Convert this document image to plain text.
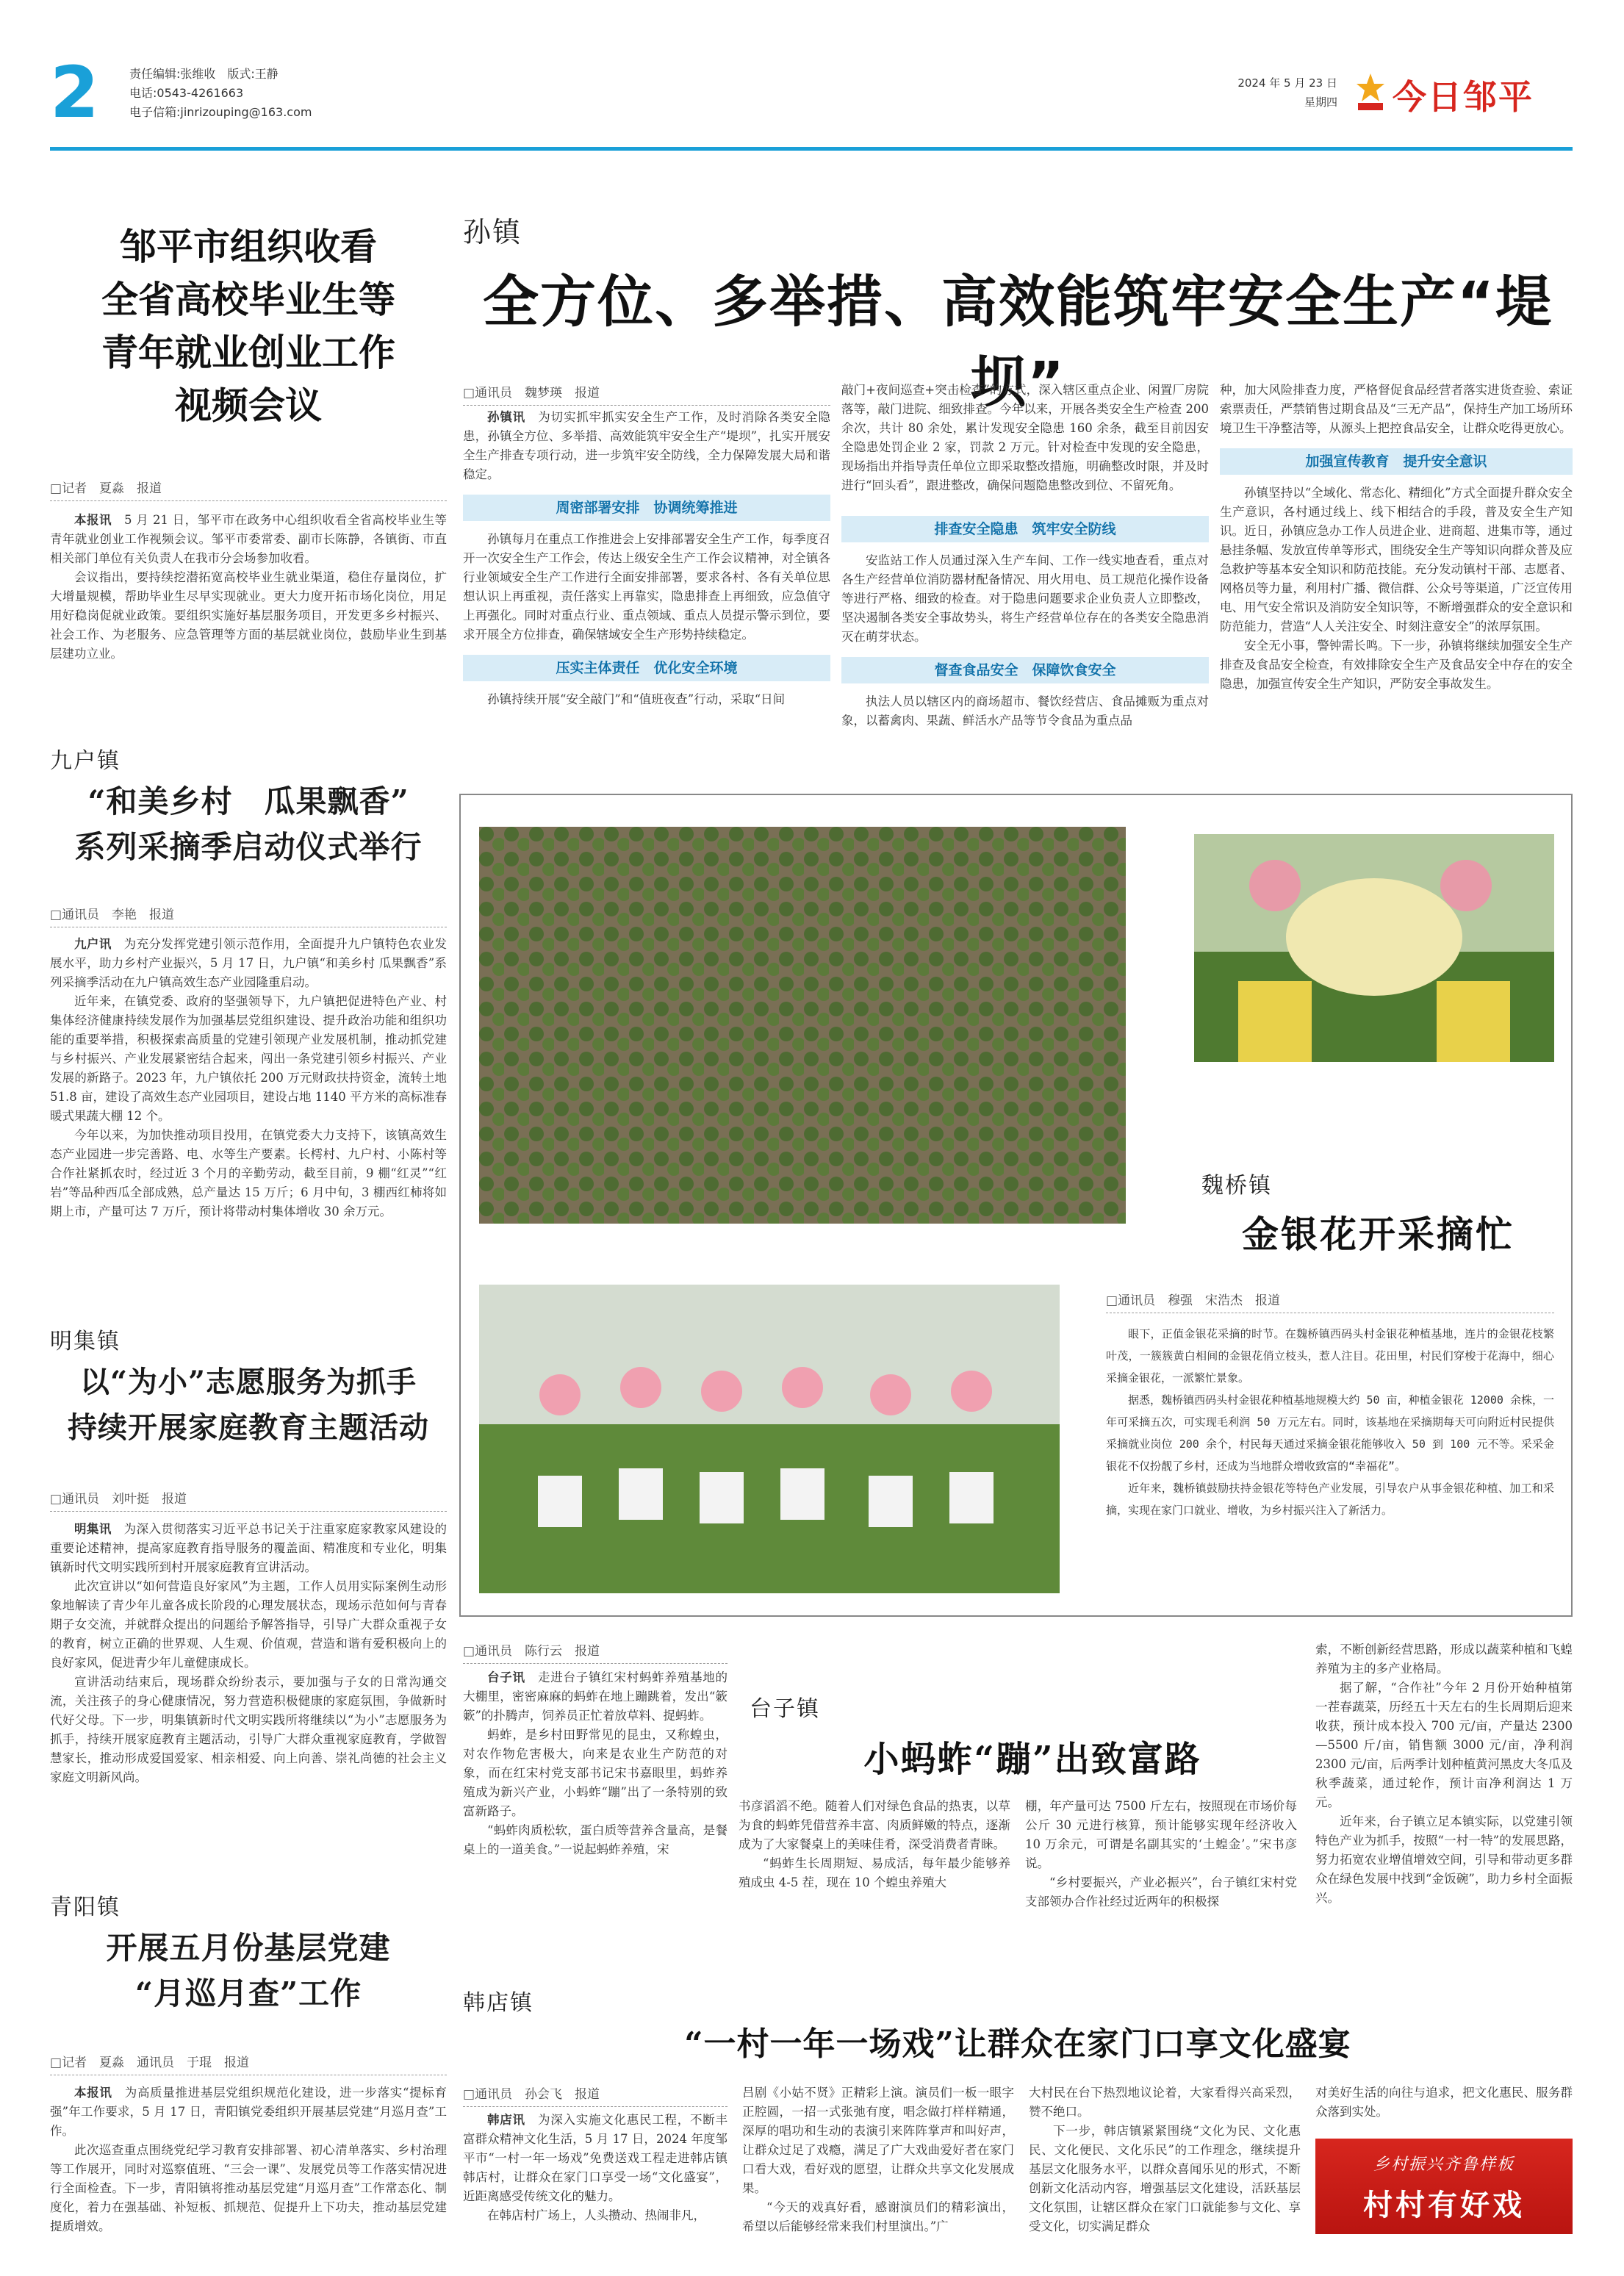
2	责任编辑:张维收　版式:王静
电话:0543-4261663
电子信箱:jinrizouping@163.com
2024 年 5 月 23 日
星期四 今日邹平
邹平市组织收看
全省高校毕业生等
青年就业创业工作
视频会议
□ 记者　夏淼　报道
本报讯　5 月 21 日，邹平市在政务中心组织收看全省高校毕业生等青年就业创业工作视频会议。邹平市委常委、副市长陈静，各镇街、市直相关部门单位有关负责人在我市分会场参加收看。
会议指出，要持续挖潜拓宽高校毕业生就业渠道，稳住存量岗位，扩大增量规模，帮助毕业生尽早实现就业。更大力度开拓市场化岗位，用足用好稳岗促就业政策。要组织实施好基层服务项目，开发更多乡村振兴、社会工作、为老服务、应急管理等方面的基层就业岗位，鼓励毕业生到基层建功立业。
孙镇
全方位、多举措、高效能筑牢安全生产“堤坝”
□ 通讯员　魏梦瑛　报道
孙镇讯　为切实抓牢抓实安全生产工作，及时消除各类安全隐患，孙镇全方位、多举措、高效能筑牢安全生产“堤坝”，扎实开展安全生产排查专项行动，进一步筑牢安全防线，全力保障发展大局和谐稳定。
周密部署安排　协调统筹推进
孙镇每月在重点工作推进会上安排部署安全生产工作，每季度召开一次安全生产工作会，传达上级安全生产工作会议精神，对全镇各行业领域安全生产工作进行全面安排部署，要求各村、各有关单位思想认识上再重视，责任落实上再靠实，隐患排查上再细致，应急值守上再强化。同时对重点行业、重点领域、重点人员提示警示到位，要求开展全方位排查，确保辖域安全生产形势持续稳定。
压实主体责任　优化安全环境
孙镇持续开展“安全敲门”和“值班夜查”行动，采取“日间
敲门+夜间巡查+突击检查”的方式，深入辖区重点企业、闲置厂房院落等，敲门进院、细致排查。今年以来，开展各类安全生产检查 200 余次，共计 80 余处，累计发现安全隐患 160 余条，截至目前因安全隐患处罚企业 2 家，罚款 2 万元。针对检查中发现的安全隐患，现场指出并指导责任单位立即采取整改措施，明确整改时限，并及时进行“回头看”，跟进整改，确保问题隐患整改到位、不留死角。
排查安全隐患　筑牢安全防线
安监站工作人员通过深入生产车间、工作一线实地查看，重点对各生产经营单位消防器材配备情况、用火用电、员工规范化操作设备等进行严格、细致的检查。对于隐患问题要求企业负责人立即整改，坚决遏制各类安全事故势头，将生产经营单位存在的各类安全隐患消灭在萌芽状态。
督查食品安全　保障饮食安全
执法人员以辖区内的商场超市、餐饮经营店、食品摊贩为重点对象，以蓄禽肉、果蔬、鲜活水产品等节令食品为重点品
种，加大风险排查力度，严格督促食品经营者落实进货查验、索证索票责任，严禁销售过期食品及“三无产品”，保持生产加工场所环境卫生干净整洁等，从源头上把控食品安全，让群众吃得更放心。
加强宣传教育　提升安全意识
孙镇坚持以“全域化、常态化、精细化”方式全面提升群众安全生产意识，各村通过线上、线下相结合的手段，普及安全生产知识。近日，孙镇应急办工作人员进企业、进商超、进集市等，通过悬挂条幅、发放宣传单等形式，围绕安全生产等知识向群众普及应急救护等基本安全知识和防范技能。充分发动镇村干部、志愿者、网格员等力量，利用村广播、微信群、公众号等渠道，广泛宣传用电、用气安全常识及消防安全知识等，不断增强群众的安全意识和防范能力，营造“人人关注安全、时刻注意安全”的浓厚氛围。
安全无小事，警钟需长鸣。下一步，孙镇将继续加强安全生产排查及食品安全检查，有效排除安全生产及食品安全中存在的安全隐患，加强宣传安全生产知识，严防安全事故发生。
九户镇
“和美乡村　瓜果飘香”
系列采摘季启动仪式举行
□ 通讯员　李艳　报道
九户讯　为充分发挥党建引领示范作用，全面提升九户镇特色农业发展水平，助力乡村产业振兴，5 月 17 日，九户镇“和美乡村 瓜果飘香”系列采摘季活动在九户镇高效生态产业园隆重启动。
近年来，在镇党委、政府的坚强领导下，九户镇把促进特色产业、村集体经济健康持续发展作为加强基层党组织建设、提升政治功能和组织功能的重要举措，积极探索高质量的党建引领现产业发展机制，推动抓党建与乡村振兴、产业发展紧密结合起来，闯出一条党建引领乡村振兴、产业发展的新路子。2023 年，九户镇依托 200 万元财政扶持资金，流转土地 51.8 亩，建设了高效生态产业园项目，建设占地 1140 平方米的高标准春暖式果蔬大棚 12 个。
今年以来，为加快推动项目投用，在镇党委大力支持下，该镇高效生态产业园进一步完善路、电、水等生产要素。长樗村、九户村、小陈村等合作社紧抓农时，经过近 3 个月的辛勤劳动，截至目前，9 棚“红灵”“红岩”等品种西瓜全部成熟，总产量达 15 万斤；6 月中旬，3 棚西红柿将如期上市，产量可达 7 万斤，预计将带动村集体增收 30 余万元。
魏桥镇
金银花开采摘忙
□ 通讯员　穆强　宋浩杰　报道
眼下，正值金银花采摘的时节。在魏桥镇西码头村金银花种植基地，连片的金银花枝繁叶茂，一簇簇黄白相间的金银花俏立枝头，惹人注目。花田里，村民们穿梭于花海中，细心采摘金银花，一派繁忙景象。
据悉，魏桥镇西码头村金银花种植基地规模大约 50 亩，种植金银花 12000 余株，一年可采摘五次，可实现毛利润 50 万元左右。同时，该基地在采摘期每天可向附近村民提供采摘就业岗位 200 余个，村民每天通过采摘金银花能够收入 50 到 100 元不等。采采金银花不仅扮靓了乡村，还成为当地群众增收致富的“幸福花”。
近年来，魏桥镇鼓励扶持金银花等特色产业发展，引导农户从事金银花种植、加工和采摘，实现在家门口就业、增收，为乡村振兴注入了新活力。
明集镇
以“为小”志愿服务为抓手
持续开展家庭教育主题活动
□ 通讯员　刘叶挺　报道
明集讯　为深入贯彻落实习近平总书记关于注重家庭家教家风建设的重要论述精神，提高家庭教育指导服务的覆盖面、精准度和专业化，明集镇新时代文明实践所到村开展家庭教育宣讲活动。
此次宣讲以“如何营造良好家风”为主题，工作人员用实际案例生动形象地解读了青少年儿童各成长阶段的心理发展状态，现场示范如何与青春期子女交流，并就群众提出的问题给予解答指导，引导广大群众重视子女的教育，树立正确的世界观、人生观、价值观，营造和谐有爱积极向上的良好家风，促进青少年儿童健康成长。
宣讲活动结束后，现场群众纷纷表示，要加强与子女的日常沟通交流，关注孩子的身心健康情况，努力营造积极健康的家庭氛围，争做新时代好父母。下一步，明集镇新时代文明实践所将继续以“为小”志愿服务为抓手，持续开展家庭教育主题活动，引导广大群众重视家庭教育，学做智慧家长，推动形成爱国爱家、相亲相爱、向上向善、崇礼尚德的社会主义家庭文明新风尚。
□ 通讯员　陈行云　报道
台子讯　走进台子镇红宋村蚂蚱养殖基地的大棚里，密密麻麻的蚂蚱在地上蹦跳着，发出“簌簌”的扑腾声，饲养员正忙着放草料、捉蚂蚱。
蚂蚱，是乡村田野常见的昆虫，又称蝗虫，对农作物危害极大，向来是农业生产防范的对象，而在红宋村党支部书记宋书嘉眼里，蚂蚱养殖成为新兴产业，小蚂蚱“蹦”出了一条特别的致富新路子。
“蚂蚱肉质松软，蛋白质等营养含量高，是餐桌上的一道美食。”一说起蚂蚱养殖，宋
台子镇
小蚂蚱“蹦”出致富路
书彦滔滔不绝。随着人们对绿色食品的热衷，以草为食的蚂蚱凭借营养丰富、肉质鲜嫩的特点，逐渐成为了大家餐桌上的美味佳肴，深受消费者青睐。
“蚂蚱生长周期短、易成活，每年最少能够养殖成虫 4-5 茬，现在 10 个蝗虫养殖大
棚，年产量可达 7500 斤左右，按照现在市场价每公斤 30 元进行核算，预计能够实现年经济收入 10 万余元，可谓是名副其实的‘土蝗金’。”宋书彦说。
“乡村要振兴，产业必振兴”，台子镇红宋村党支部领办合作社经过近两年的积极探
索，不断创新经营思路，形成以蔬菜种植和飞蝗养殖为主的多产业格局。
据了解，“合作社”今年 2 月份开始种植第一茬春蔬菜，历经五十天左右的生长周期后迎来收获，预计成本投入 700 元/亩，产量达 2300—5500 斤/亩，销售额 3000 元/亩，净利润 2300 元/亩，后两季计划种植黄河黑皮大冬瓜及秋季蔬菜，通过轮作，预计亩净利润达 1 万元。
近年来，台子镇立足本镇实际，以党建引领特色产业为抓手，按照“一村一特”的发展思路，努力拓宽农业增值增效空间，引导和带动更多群众在绿色发展中找到“金饭碗”，助力乡村全面振兴。
青阳镇
开展五月份基层党建
“月巡月查”工作
□ 记者　夏淼　通讯员　于琨　报道
本报讯　为高质量推进基层党组织规范化建设，进一步落实“提标育强”年工作要求，5 月 17 日，青阳镇党委组织开展基层党建“月巡月查”工作。
此次巡查重点围绕党纪学习教育安排部署、初心清单落实、乡村治理等工作展开，同时对巡察值班、“三会一课”、发展党员等工作落实情况进行全面检查。下一步，青阳镇将推动基层党建“月巡月查”工作常态化、制度化，着力在强基础、补短板、抓规范、促提升上下功夫，推动基层党建提质增效。
韩店镇
“一村一年一场戏”让群众在家门口享文化盛宴
□ 通讯员　孙会飞　报道
韩店讯　为深入实施文化惠民工程，不断丰富群众精神文化生活，5 月 17 日，2024 年度邹平市“一村一年一场戏”免费送戏工程走进韩店镇韩店村，让群众在家门口享受一场“文化盛宴”，近距离感受传统文化的魅力。
在韩店村广场上，人头攒动、热闹非凡，
吕剧《小姑不贤》正精彩上演。演员们一板一眼字正腔圆，一招一式张弛有度，唱念做打样样精通，深厚的唱功和生动的表演引来阵阵掌声和叫好声，让群众过足了戏瘾，满足了广大戏曲爱好者在家门口看大戏，看好戏的愿望，让群众共享文化发展成果。
“今天的戏真好看，感谢演员们的精彩演出，希望以后能够经常来我们村里演出。”广
大村民在台下热烈地议论着，大家看得兴高采烈，赞不绝口。
下一步，韩店镇紧紧围绕“文化为民、文化惠民、文化便民、文化乐民”的工作理念，继续提升基层文化服务水平，以群众喜闻乐见的形式，不断创新文化活动内容，增强基层文化建设，活跃基层文化氛围，让辖区群众在家门口就能参与文化、享受文化，切实满足群众
对美好生活的向往与追求，把文化惠民、服务群众落到实处。
乡村振兴齐鲁样板
村村有好戏
